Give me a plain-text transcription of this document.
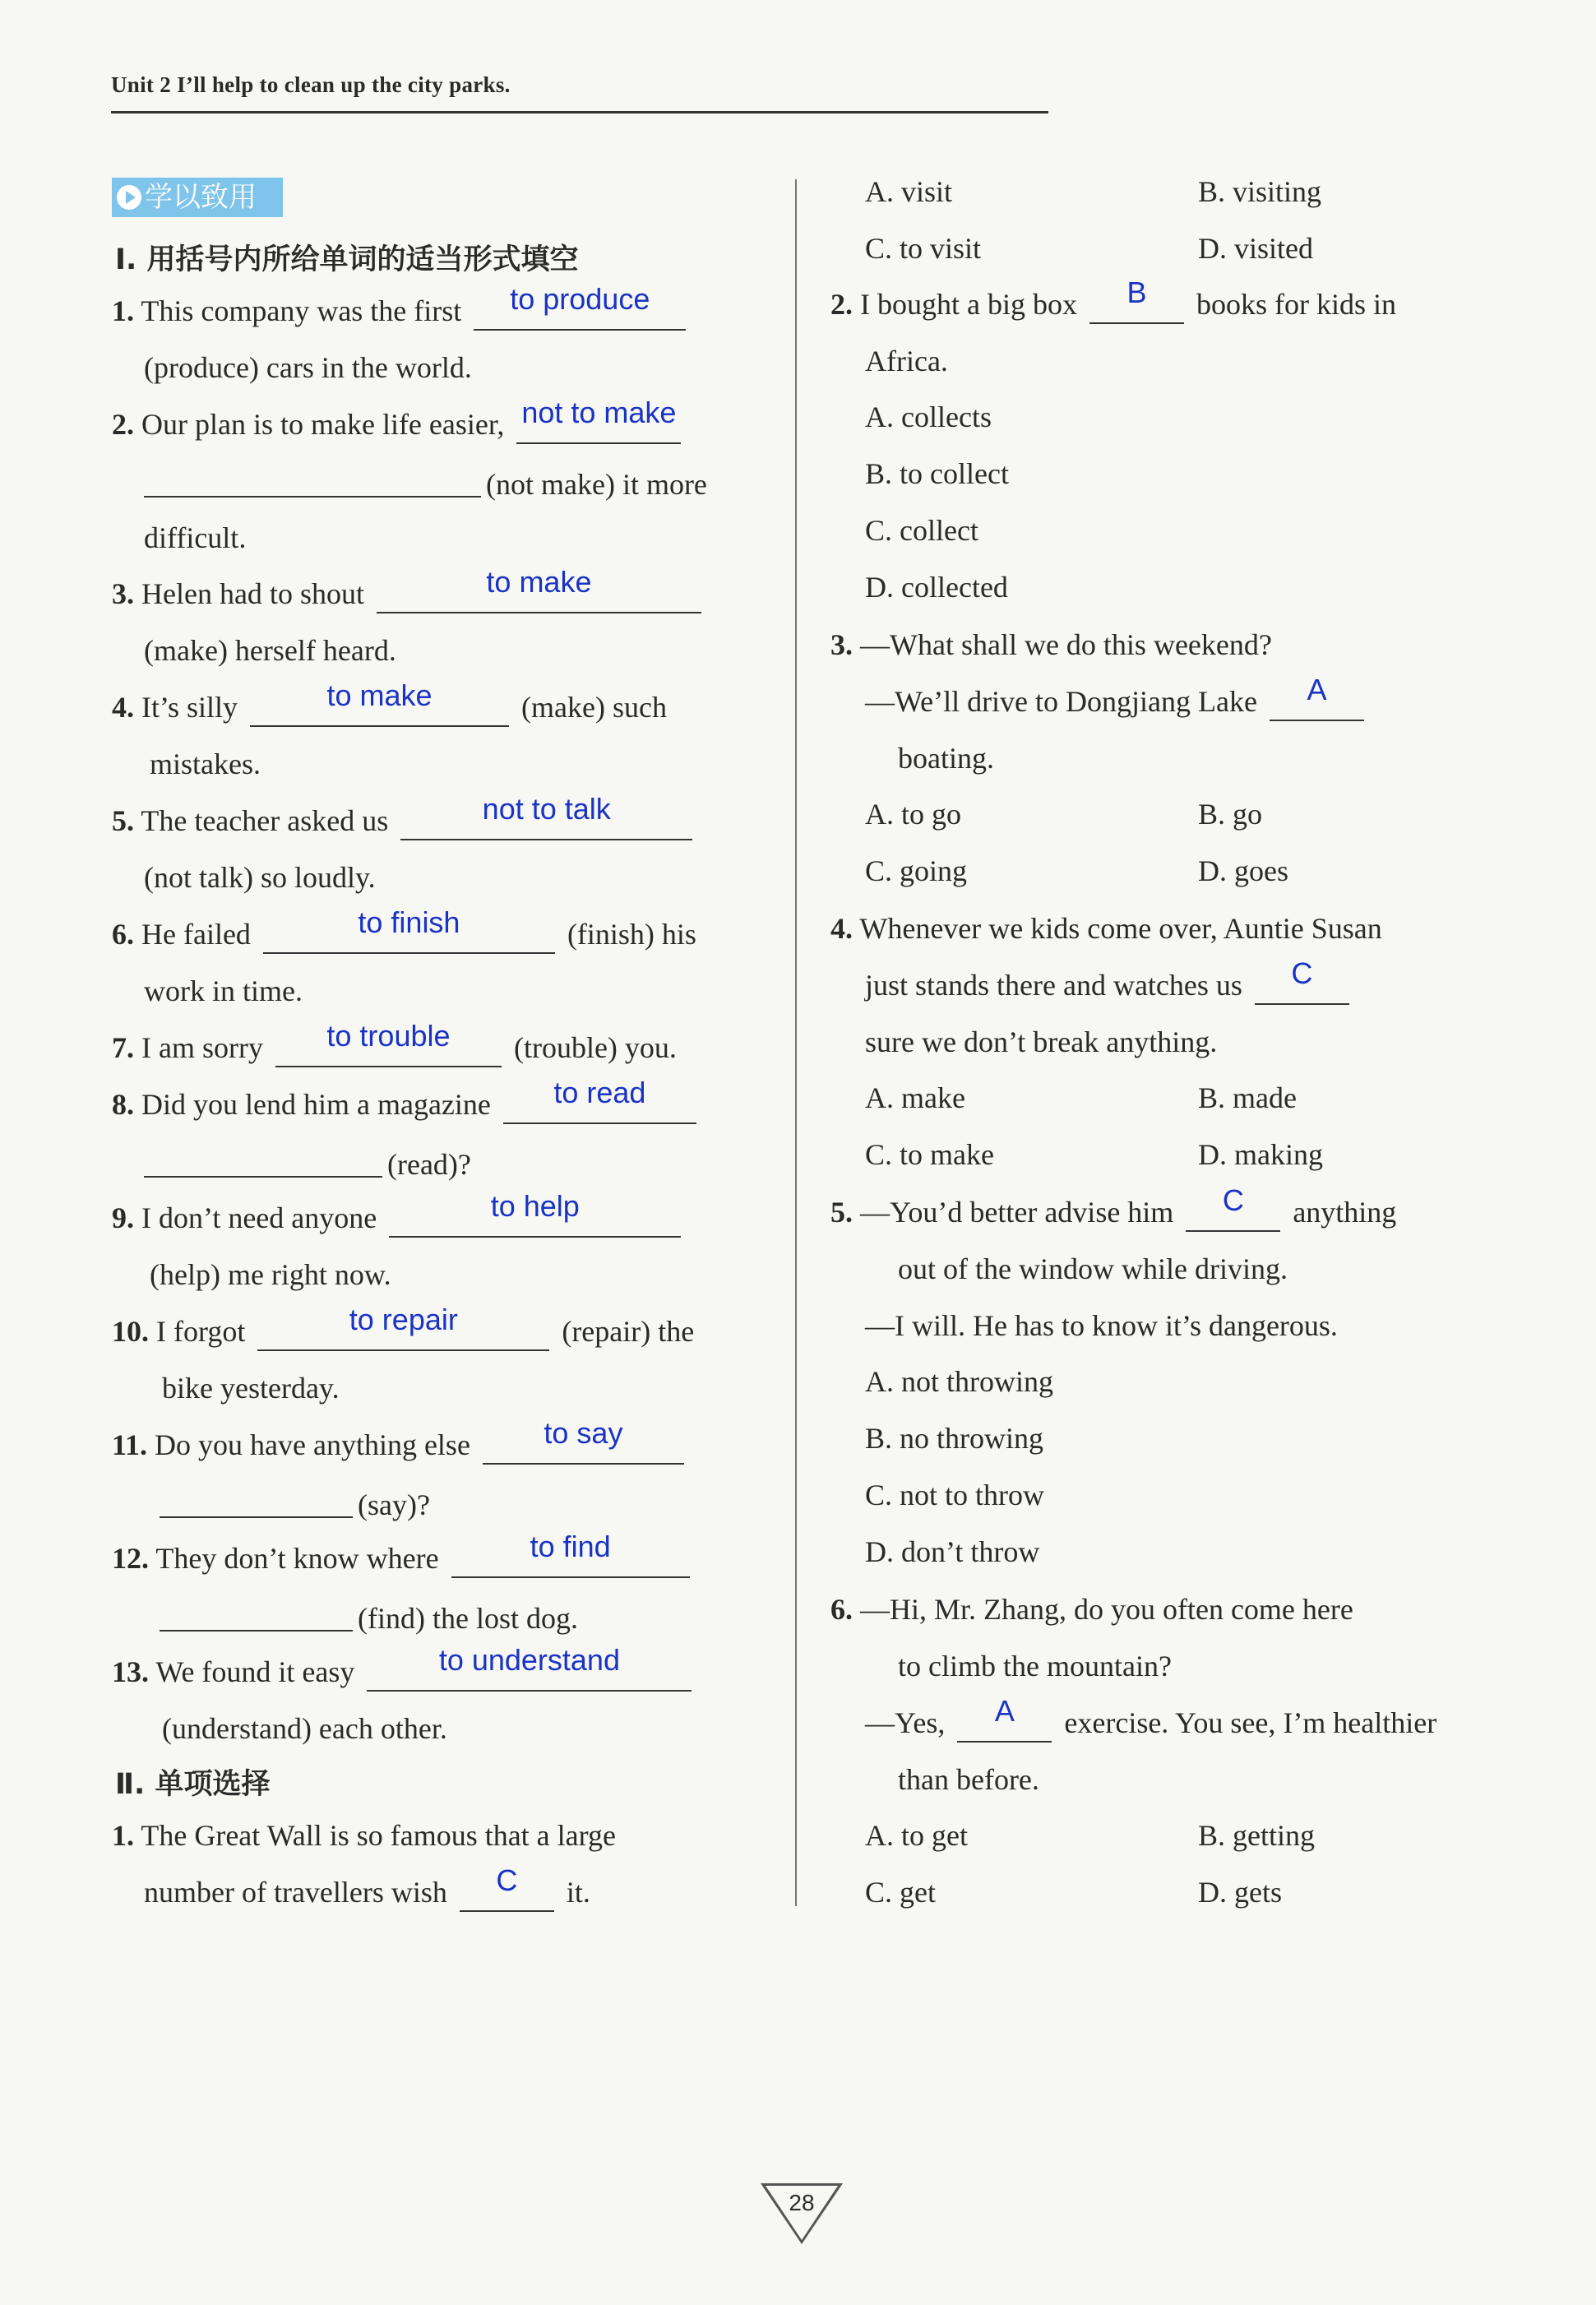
Unit 2 I’ll help to clean up the city parks.
学以致用
Ⅰ. 用括号内所给单词的适当形式填空
1. This company was the first to produce
(produce) cars in the world.
2. Our plan is to make life easier, not to make
(not make) it more
difficult.
3. Helen had to shout	to make
(make) herself heard.
4. It’s silly	to make	(make) such
mistakes.
5. The teacher asked us	not to talk
(not talk) so loudly.
6. He failed	to finish	(finish) his
work in time.
7. I am sorry to trouble (trouble) you.
8. Did you lend him a magazine to read
(read)?
9. I don’t need anyone	to help
(help) me right now.
10. I forgot	to repair	(repair) the
bike yesterday.
11. Do you have anything else to say
(say)?
12. They don’t know where	to find
(find) the lost dog.
13. We found it easy	to understand
(understand) each other.
Ⅱ. 单项选择
1. The Great Wall is so famous that a large
number of travellers wish C it.
A. visit	B. visiting
C. to visit	D. visited
2. I bought a big box B books for kids in
Africa.
A. collects
B. to collect
C. collect
D. collected
3. —What shall we do this weekend?
—We’ll drive to Dongjiang Lake A
boating.
A. to go	B. go
C. going	D. goes
4. Whenever we kids come over, Auntie Susan
just stands there and watches us C
sure we don’t break anything.
A. make	B. made
C. to make	D. making
5. —You’d better advise him C anything
out of the window while driving.
—I will. He has to know it’s dangerous.
A. not throwing
B. no throwing
C. not to throw
D. don’t throw
6. —Hi, Mr. Zhang, do you often come here
to climb the mountain?
—Yes, A exercise. You see, I’m healthier
than before.
A. to get	B. getting
C. get	D. gets
28
